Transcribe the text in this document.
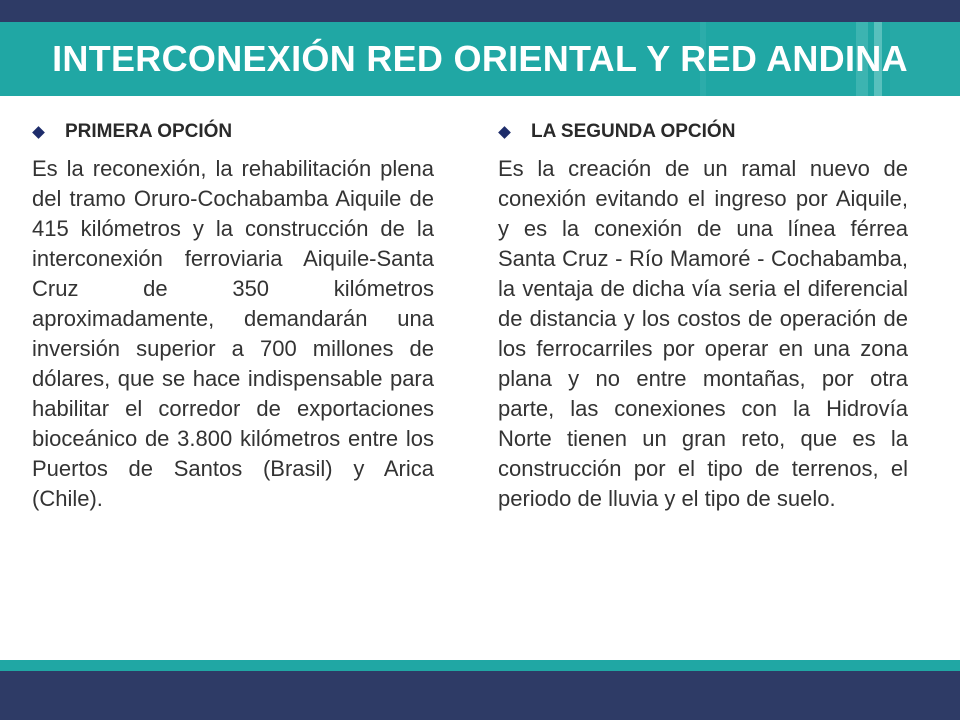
INTERCONEXIÓN RED ORIENTAL Y RED ANDINA
PRIMERA OPCIÓN
Es la reconexión, la rehabilitación plena del tramo Oruro-Cochabamba Aiquile de 415 kilómetros y la construcción de la interconexión ferroviaria Aiquile-Santa Cruz de 350 kilómetros aproximadamente, demandarán una inversión superior a 700 millones de dólares, que se hace indispensable para habilitar el corredor de exportaciones bioceánico de 3.800 kilómetros entre los Puertos de Santos (Brasil) y Arica (Chile).
LA SEGUNDA OPCIÓN
Es la creación de un ramal nuevo de conexión evitando el ingreso por Aiquile, y es la conexión de una línea férrea Santa Cruz - Río Mamoré - Cochabamba, la ventaja de dicha vía seria el diferencial de distancia y los costos de operación de los ferrocarriles por operar en una zona plana y no entre montañas, por otra parte, las conexiones con la Hidrovía Norte tienen un gran reto, que es la construcción por el tipo de terrenos, el periodo de lluvia y el tipo de suelo.
